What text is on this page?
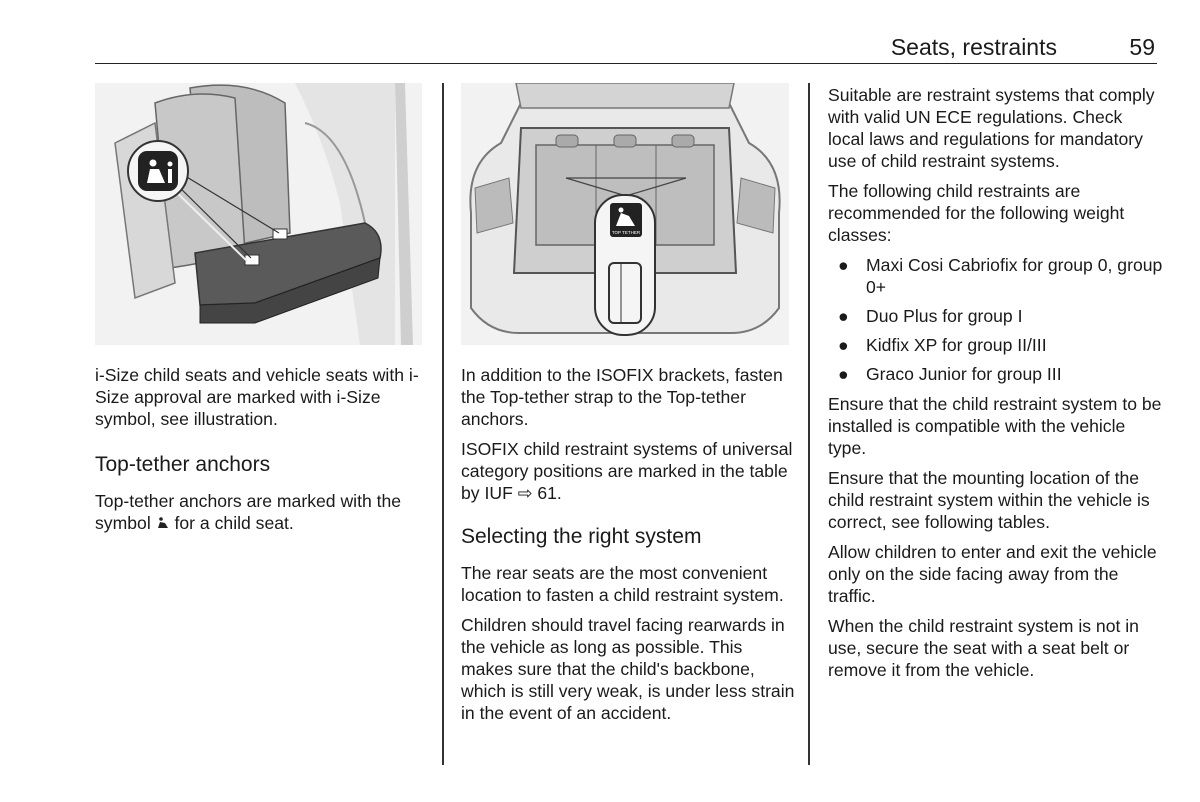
Seats, restraints	59
TOP TETHER

i-Size child seats and vehicle seats with i-Size approval are marked with i-Size symbol, see illustration.

Top-tether anchors

Top-tether anchors are marked with the symbol  for a child seat.

In addition to the ISOFIX brackets, fasten the Top-tether strap to the Top-tether anchors.

ISOFIX child restraint systems of universal category positions are marked in the table by IUF ⇨ 61.

Selecting the right system

The rear seats are the most convenient location to fasten a child restraint system.

Children should travel facing rearwards in the vehicle as long as possible. This makes sure that the child's backbone, which is still very weak, is under less strain in the event of an accident.

Suitable are restraint systems that comply with valid UN ECE regulations. Check local laws and regulations for mandatory use of child restraint systems.

The following child restraints are recommended for the following weight classes:

● Maxi Cosi Cabriofix for group 0, group 0+
● Duo Plus for group I
● Kidfix XP for group II/III
● Graco Junior for group III

Ensure that the child restraint system to be installed is compatible with the vehicle type.

Ensure that the mounting location of the child restraint system within the vehicle is correct, see following tables.

Allow children to enter and exit the vehicle only on the side facing away from the traffic.

When the child restraint system is not in use, secure the seat with a seat belt or remove it from the vehicle.
